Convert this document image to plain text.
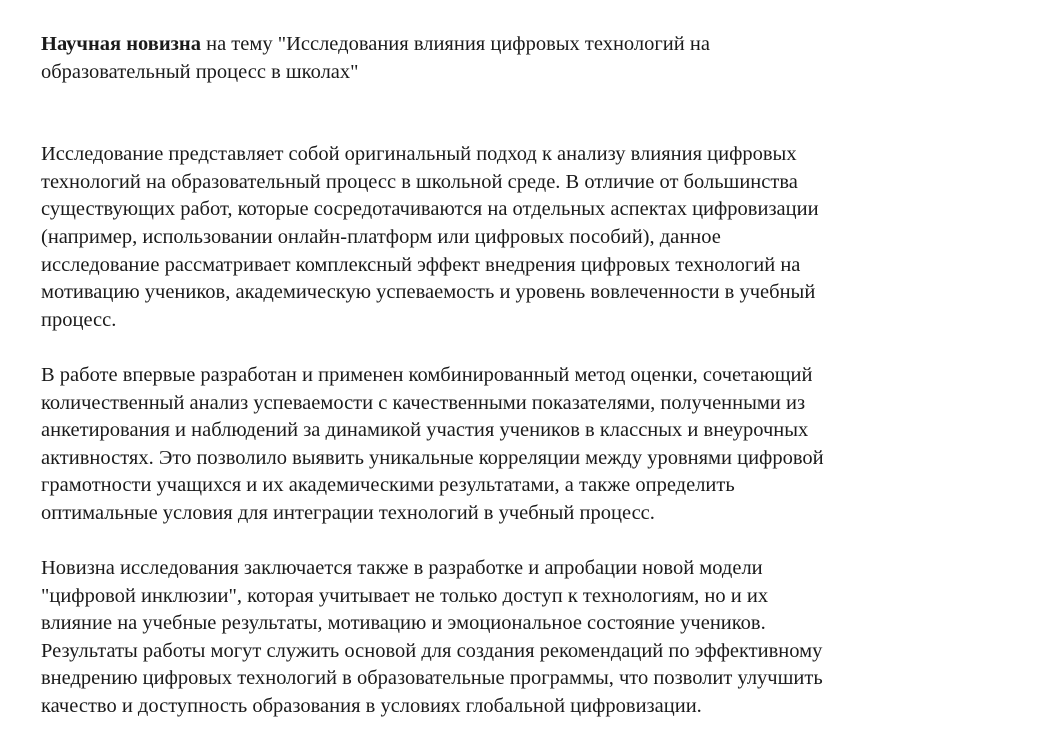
Научная новизна на тему "Исследования влияния цифровых технологий на
образовательный процесс в школах"
Исследование представляет собой оригинальный подход к анализу влияния цифровых
технологий на образовательный процесс в школьной среде. В отличие от большинства
существующих работ, которые сосредотачиваются на отдельных аспектах цифровизации
(например, использовании онлайн-платформ или цифровых пособий), данное
исследование рассматривает комплексный эффект внедрения цифровых технологий на
мотивацию учеников, академическую успеваемость и уровень вовлеченности в учебный
процесс.
В работе впервые разработан и применен комбинированный метод оценки, сочетающий
количественный анализ успеваемости с качественными показателями, полученными из
анкетирования и наблюдений за динамикой участия учеников в классных и внеурочных
активностях. Это позволило выявить уникальные корреляции между уровнями цифровой
грамотности учащихся и их академическими результатами, а также определить
оптимальные условия для интеграции технологий в учебный процесс.
Новизна исследования заключается также в разработке и апробации новой модели
"цифровой инклюзии", которая учитывает не только доступ к технологиям, но и их
влияние на учебные результаты, мотивацию и эмоциональное состояние учеников.
Результаты работы могут служить основой для создания рекомендаций по эффективному
внедрению цифровых технологий в образовательные программы, что позволит улучшить
качество и доступность образования в условиях глобальной цифровизации.
